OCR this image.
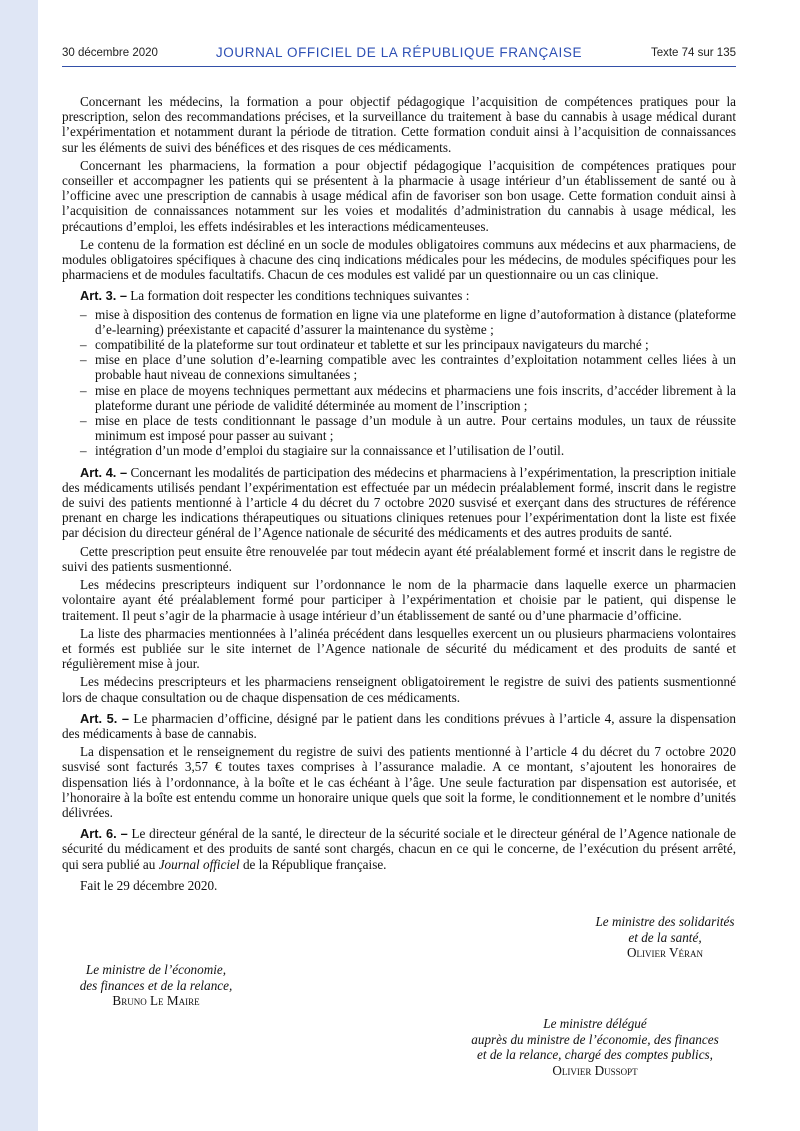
30 décembre 2020	JOURNAL OFFICIEL DE LA RÉPUBLIQUE FRANÇAISE	Texte 74 sur 135

Concernant les médecins, la formation a pour objectif pédagogique l’acquisition de compétences pratiques pour la prescription, selon des recommandations précises, et la surveillance du traitement à base du cannabis à usage médical durant l’expérimentation et notamment durant la période de titration. Cette formation conduit ainsi à l’acquisition de connaissances sur les éléments de suivi des bénéfices et des risques de ces médicaments.

Concernant les pharmaciens, la formation a pour objectif pédagogique l’acquisition de compétences pratiques pour conseiller et accompagner les patients qui se présentent à la pharmacie à usage intérieur d’un établissement de santé ou à l’officine avec une prescription de cannabis à usage médical afin de favoriser son bon usage. Cette formation conduit ainsi à l’acquisition de connaissances notamment sur les voies et modalités d’administration du cannabis à usage médical, les précautions d’emploi, les effets indésirables et les interactions médicamenteuses.

Le contenu de la formation est décliné en un socle de modules obligatoires communs aux médecins et aux pharmaciens, de modules obligatoires spécifiques à chacune des cinq indications médicales pour les médecins, de modules spécifiques pour les pharmaciens et de modules facultatifs. Chacun de ces modules est validé par un questionnaire ou un cas clinique.

Art. 3. – La formation doit respecter les conditions techniques suivantes :

– mise à disposition des contenus de formation en ligne via une plateforme en ligne d’autoformation à distance (plateforme d’e-learning) préexistante et capacité d’assurer la maintenance du système ;
– compatibilité de la plateforme sur tout ordinateur et tablette et sur les principaux navigateurs du marché ;
– mise en place d’une solution d’e-learning compatible avec les contraintes d’exploitation notamment celles liées à un probable haut niveau de connexions simultanées ;
– mise en place de moyens techniques permettant aux médecins et pharmaciens une fois inscrits, d’accéder librement à la plateforme durant une période de validité déterminée au moment de l’inscription ;
– mise en place de tests conditionnant le passage d’un module à un autre. Pour certains modules, un taux de réussite minimum est imposé pour passer au suivant ;
– intégration d’un mode d’emploi du stagiaire sur la connaissance et l’utilisation de l’outil.

Art. 4. – Concernant les modalités de participation des médecins et pharmaciens à l’expérimentation, la prescription initiale des médicaments utilisés pendant l’expérimentation est effectuée par un médecin préalablement formé, inscrit dans le registre de suivi des patients mentionné à l’article 4 du décret du 7 octobre 2020 susvisé et exerçant dans des structures de référence prenant en charge les indications thérapeutiques ou situations cliniques retenues pour l’expérimentation dont la liste est fixée par décision du directeur général de l’Agence nationale de sécurité des médicaments et des autres produits de santé.

Cette prescription peut ensuite être renouvelée par tout médecin ayant été préalablement formé et inscrit dans le registre de suivi des patients susmentionné.

Les médecins prescripteurs indiquent sur l’ordonnance le nom de la pharmacie dans laquelle exerce un pharmacien volontaire ayant été préalablement formé pour participer à l’expérimentation et choisie par le patient, qui dispense le traitement. Il peut s’agir de la pharmacie à usage intérieur d’un établissement de santé ou d’une pharmacie d’officine.

La liste des pharmacies mentionnées à l’alinéa précédent dans lesquelles exercent un ou plusieurs pharmaciens volontaires et formés est publiée sur le site internet de l’Agence nationale de sécurité du médicament et des produits de santé et régulièrement mise à jour.

Les médecins prescripteurs et les pharmaciens renseignent obligatoirement le registre de suivi des patients susmentionné lors de chaque consultation ou de chaque dispensation de ces médicaments.

Art. 5. – Le pharmacien d’officine, désigné par le patient dans les conditions prévues à l’article 4, assure la dispensation des médicaments à base de cannabis.

La dispensation et le renseignement du registre de suivi des patients mentionné à l’article 4 du décret du 7 octobre 2020 susvisé sont facturés 3,57 € toutes taxes comprises à l’assurance maladie. A ce montant, s’ajoutent les honoraires de dispensation liés à l’ordonnance, à la boîte et le cas échéant à l’âge. Une seule facturation par dispensation est autorisée, et l’honoraire à la boîte est entendu comme un honoraire unique quels que soit la forme, le conditionnement et le nombre d’unités délivrées.

Art. 6. – Le directeur général de la santé, le directeur de la sécurité sociale et le directeur général de l’Agence nationale de sécurité du médicament et des produits de santé sont chargés, chacun en ce qui le concerne, de l’exécution du présent arrêté, qui sera publié au Journal officiel de la République française.

Fait le 29 décembre 2020.

Le ministre des solidarités
et de la santé,
Olivier Véran
Le ministre de l’économie,
des finances et de la relance,
Bruno Le Maire
Le ministre délégué
auprès du ministre de l’économie, des finances
et de la relance, chargé des comptes publics,
Olivier Dussopt
